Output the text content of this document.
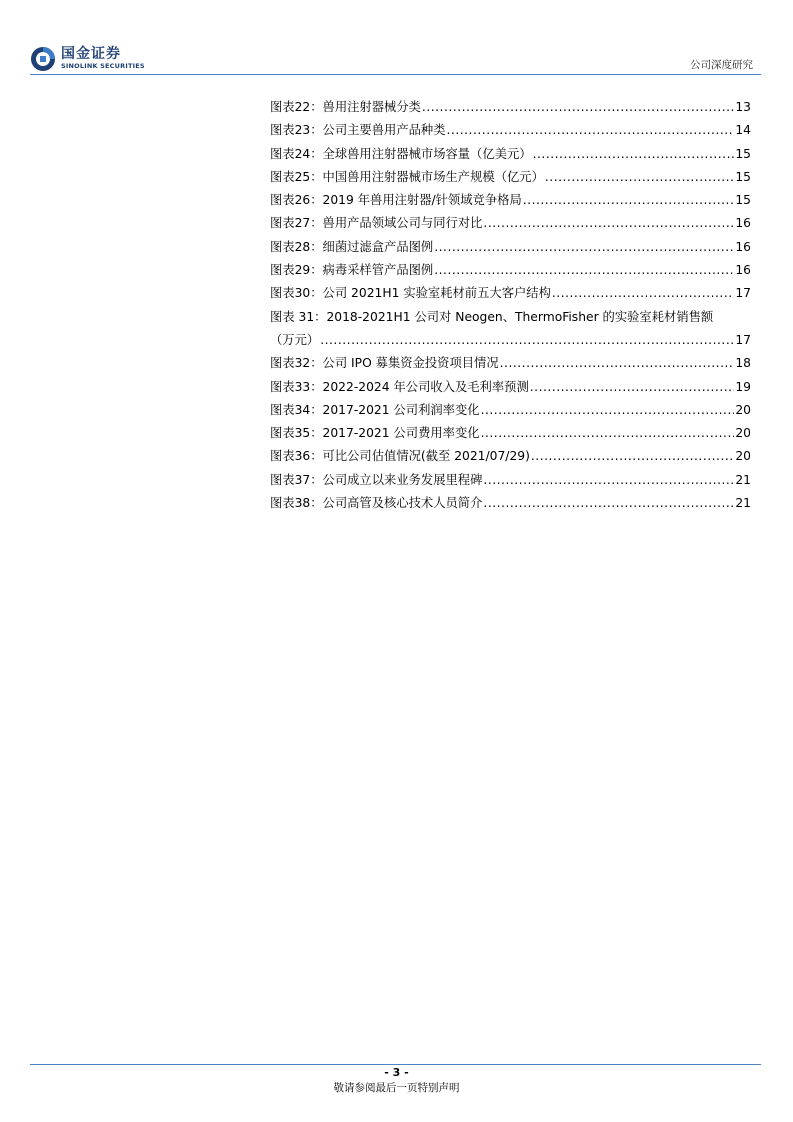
国金证券
SINOLINK SECURITIES	公司深度研究
图表22：兽用注射器械分类 .....	13
图表23：公司主要兽用产品种类 .....	14
图表24：全球兽用注射器械市场容量（亿美元） .....	15
图表25：中国兽用注射器械市场生产规模（亿元） .....	15
图表26：2019 年兽用注射器/针领域竞争格局 .....	15
图表27：兽用产品领域公司与同行对比 .....	16
图表28：细菌过滤盒产品图例 .....	16
图表29：病毒采样管产品图例 .....	16
图表30：公司 2021H1 实验室耗材前五大客户结构 .....	17
图表 31：2018-2021H1 公司对 Neogen、ThermoFisher 的实验室耗材销售额
（万元） .....	17
图表32：公司 IPO 募集资金投资项目情况 .....	18
图表33：2022-2024 年公司收入及毛利率预测 .....	19
图表34：2017-2021 公司利润率变化 .....	20
图表35：2017-2021 公司费用率变化 .....	20
图表36：可比公司估值情况(截至 2021/07/29) .....	20
图表37：公司成立以来业务发展里程碑 .....	21
图表38：公司高管及核心技术人员简介 .....	21
- 3 -
敬请参阅最后一页特别声明
